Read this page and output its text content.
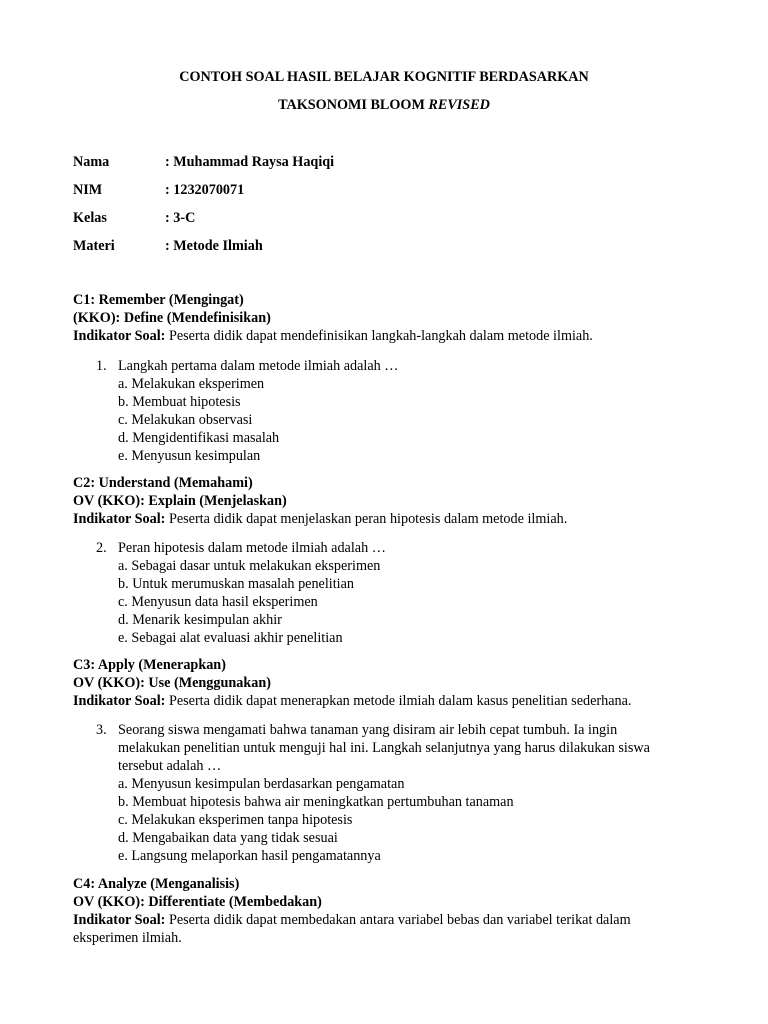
CONTOH SOAL HASIL BELAJAR KOGNITIF BERDASARKAN
TAKSONOMI BLOOM REVISED
Nama	: Muhammad Raysa Haqiqi
NIM	: 1232070071
Kelas	: 3-C
Materi	: Metode Ilmiah
C1: Remember (Mengingat)
(KKO): Define (Mendefinisikan)
Indikator Soal: Peserta didik dapat mendefinisikan langkah-langkah dalam metode ilmiah.
1. Langkah pertama dalam metode ilmiah adalah …
a. Melakukan eksperimen
b. Membuat hipotesis
c. Melakukan observasi
d. Mengidentifikasi masalah
e. Menyusun kesimpulan
C2: Understand (Memahami)
OV (KKO): Explain (Menjelaskan)
Indikator Soal: Peserta didik dapat menjelaskan peran hipotesis dalam metode ilmiah.
2. Peran hipotesis dalam metode ilmiah adalah …
a. Sebagai dasar untuk melakukan eksperimen
b. Untuk merumuskan masalah penelitian
c. Menyusun data hasil eksperimen
d. Menarik kesimpulan akhir
e. Sebagai alat evaluasi akhir penelitian
C3: Apply (Menerapkan)
OV (KKO): Use (Menggunakan)
Indikator Soal: Peserta didik dapat menerapkan metode ilmiah dalam kasus penelitian sederhana.
3. Seorang siswa mengamati bahwa tanaman yang disiram air lebih cepat tumbuh. Ia ingin melakukan penelitian untuk menguji hal ini. Langkah selanjutnya yang harus dilakukan siswa tersebut adalah …
a. Menyusun kesimpulan berdasarkan pengamatan
b. Membuat hipotesis bahwa air meningkatkan pertumbuhan tanaman
c. Melakukan eksperimen tanpa hipotesis
d. Mengabaikan data yang tidak sesuai
e. Langsung melaporkan hasil pengamatannya
C4: Analyze (Menganalisis)
OV (KKO): Differentiate (Membedakan)
Indikator Soal: Peserta didik dapat membedakan antara variabel bebas dan variabel terikat dalam eksperimen ilmiah.
